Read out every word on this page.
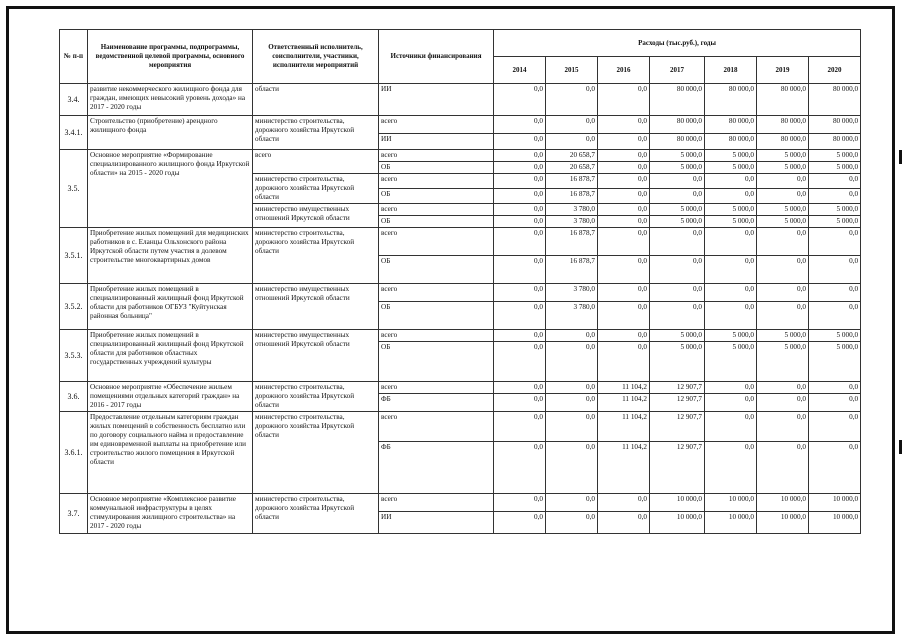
№ п-п	Наименование программы, подпрограммы, ведомственной целевой программы, основного мероприятия	Ответственный исполнитель, соисполнители, участники, исполнители мероприятий	Источники финансирования	Расходы (тыс.руб.), годы						
				2014	2015	2016	2017	2018	2019	2020
3.4.	развитие некоммерческого жилищного фонда для граждан, имеющих невысокий уровень дохода» на 2017 - 2020 годы	области	ИИ	0,0	0,0	0,0	80 000,0	80 000,0	80 000,0	80 000,0
3.4.1.	Строительство (приобретение) арендного жилищного фонда	министерство строительства, дорожного хозяйства Иркутской области	всего	0,0	0,0	0,0	80 000,0	80 000,0	80 000,0	80 000,0
			ИИ	0,0	0,0	0,0	80 000,0	80 000,0	80 000,0	80 000,0
3.5.	Основное мероприятие «Формирование специализированного жилищного фонда Иркутской области» на 2015 - 2020 годы	всего	всего	0,0	20 658,7	0,0	5 000,0	5 000,0	5 000,0	5 000,0
			ОБ	0,0	20 658,7	0,0	5 000,0	5 000,0	5 000,0	5 000,0
		министерство строительства, дорожного хозяйства Иркутской области	всего	0,0	16 878,7	0,0	0,0	0,0	0,0	0,0
			ОБ	0,0	16 878,7	0,0	0,0	0,0	0,0	0,0
		министерство имущественных отношений Иркутской области	всего	0,0	3 780,0	0,0	5 000,0	5 000,0	5 000,0	5 000,0
			ОБ	0,0	3 780,0	0,0	5 000,0	5 000,0	5 000,0	5 000,0
3.5.1.	Приобретение жилых помещений для медицинских работников в с. Еланцы Ольхонского района Иркутской области путем участия в долевом строительстве многоквартирных домов	министерство строительства, дорожного хозяйства Иркутской области	всего	0,0	16 878,7	0,0	0,0	0,0	0,0	0,0
			ОБ	0,0	16 878,7	0,0	0,0	0,0	0,0	0,0
3.5.2.	Приобретение жилых помещений в специализированный жилищный фонд Иркутской области для работников ОГБУЗ "Куйтунская районная больница"	министерство имущественных отношений Иркутской области	всего	0,0	3 780,0	0,0	0,0	0,0	0,0	0,0
			ОБ	0,0	3 780,0	0,0	0,0	0,0	0,0	0,0
3.5.3.	Приобретение жилых помещений в специализированный жилищный фонд Иркутской области для работников областных государственных учреждений культуры	министерство имущественных отношений Иркутской области	всего	0,0	0,0	0,0	5 000,0	5 000,0	5 000,0	5 000,0
			ОБ	0,0	0,0	0,0	5 000,0	5 000,0	5 000,0	5 000,0
3.6.	Основное мероприятие «Обеспечение жильем помещениями отдельных категорий граждан» на 2016 - 2017 годы	министерство строительства, дорожного хозяйства Иркутской области	всего	0,0	0,0	11 104,2	12 907,7	0,0	0,0	0,0
			ФБ	0,0	0,0	11 104,2	12 907,7	0,0	0,0	0,0
3.6.1.	Предоставление отдельным категориям граждан жилых помещений в собственность бесплатно или по договору социального найма и предоставление им единовременной выплаты на приобретение или строительство жилого помещения в Иркутской области	министерство строительства, дорожного хозяйства Иркутской области	всего	0,0	0,0	11 104,2	12 907,7	0,0	0,0	0,0
			ФБ	0,0	0,0	11 104,2	12 907,7	0,0	0,0	0,0
3.7.	Основное мероприятие «Комплексное развитие коммунальной инфраструктуры в целях стимулирования жилищного строительства» на 2017 - 2020 годы	министерство строительства, дорожного хозяйства Иркутской области	всего	0,0	0,0	0,0	10 000,0	10 000,0	10 000,0	10 000,0
			ИИ	0,0	0,0	0,0	10 000,0	10 000,0	10 000,0	10 000,0
